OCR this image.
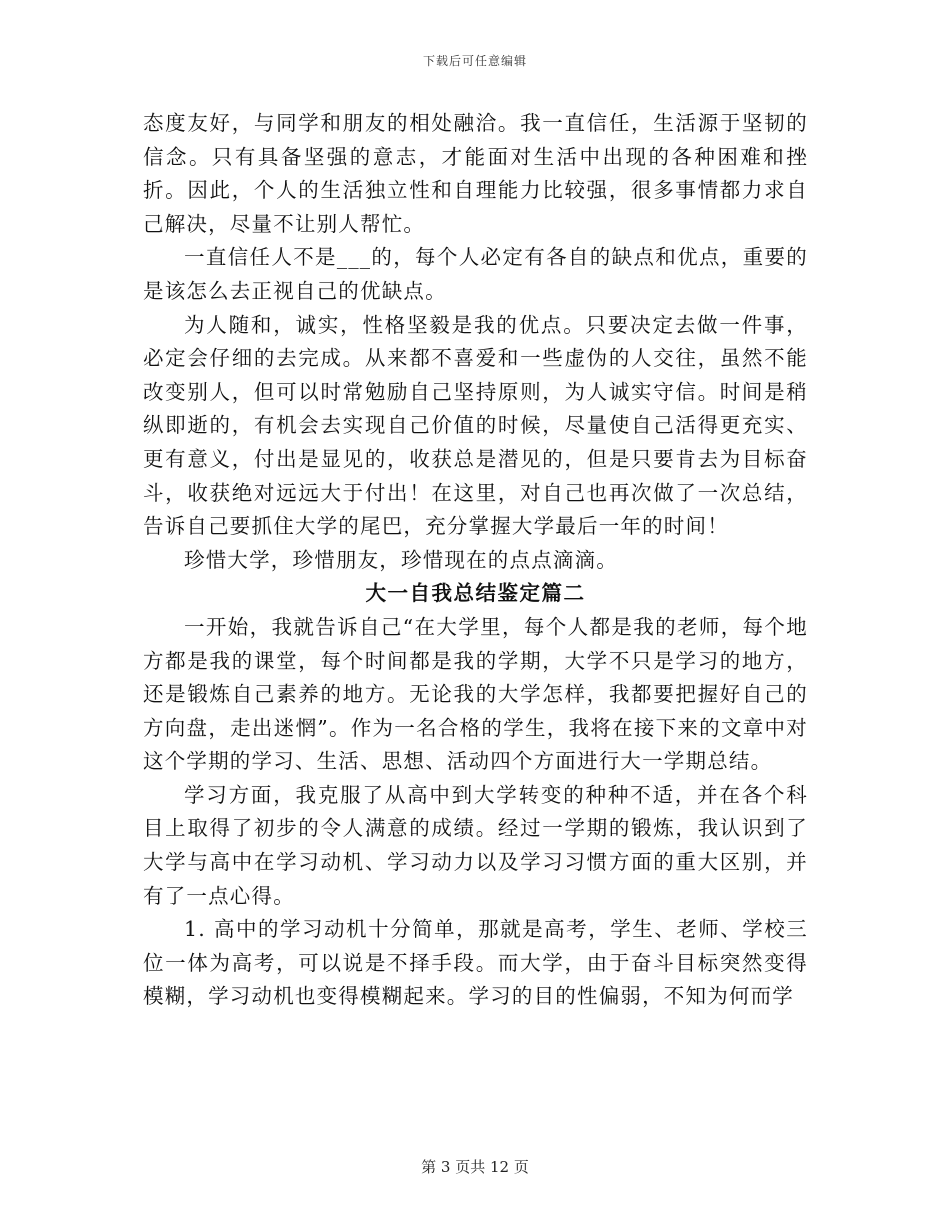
下载后可任意编辑

态度友好，与同学和朋友的相处融洽。我一直信任，生活源于坚韧的信念。只有具备坚强的意志，才能面对生活中出现的各种困难和挫折。因此，个人的生活独立性和自理能力比较强，很多事情都力求自己解决，尽量不让别人帮忙。

一直信任人不是___的，每个人必定有各自的缺点和优点，重要的是该怎么去正视自己的优缺点。

为人随和，诚实，性格坚毅是我的优点。只要决定去做一件事，必定会仔细的去完成。从来都不喜爱和一些虚伪的人交往，虽然不能改变别人，但可以时常勉励自己坚持原则，为人诚实守信。时间是稍纵即逝的，有机会去实现自己价值的时候，尽量使自己活得更充实、更有意义，付出是显见的，收获总是潜见的，但是只要肯去为目标奋斗，收获绝对远远大于付出！在这里，对自己也再次做了一次总结，告诉自己要抓住大学的尾巴，充分掌握大学最后一年的时间！

珍惜大学，珍惜朋友，珍惜现在的点点滴滴。

大一自我总结鉴定篇二

一开始，我就告诉自己“在大学里，每个人都是我的老师，每个地方都是我的课堂，每个时间都是我的学期，大学不只是学习的地方，还是锻炼自己素养的地方。无论我的大学怎样，我都要把握好自己的方向盘，走出迷惘”。作为一名合格的学生，我将在接下来的文章中对这个学期的学习、生活、思想、活动四个方面进行大一学期总结。

学习方面，我克服了从高中到大学转变的种种不适，并在各个科目上取得了初步的令人满意的成绩。经过一学期的锻炼，我认识到了大学与高中在学习动机、学习动力以及学习习惯方面的重大区别，并有了一点心得。

1. 高中的学习动机十分简单，那就是高考，学生、老师、学校三位一体为高考，可以说是不择手段。而大学，由于奋斗目标突然变得模糊，学习动机也变得模糊起来。学习的目的性偏弱，不知为何而学

第 3 页共 12 页
